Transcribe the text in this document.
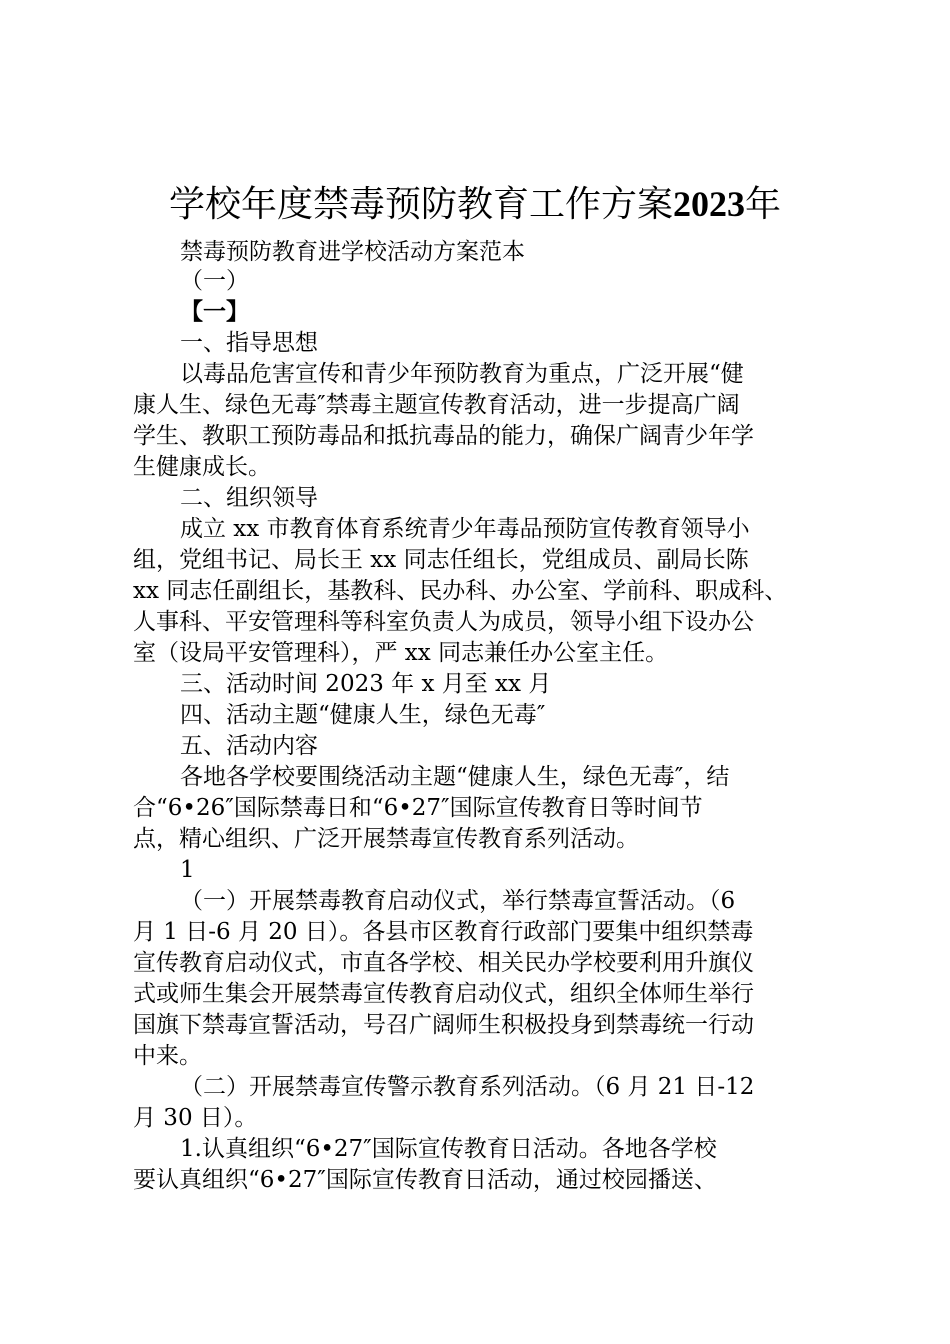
学校年度禁毒预防教育工作方案2023年
禁毒预防教育进学校活动方案范本
（一）
【一】
一、指导思想
以毒品危害宣传和青少年预防教育为重点，广泛开展“健
康人生、绿色无毒″禁毒主题宣传教育活动，进一步提高广阔
学生、教职工预防毒品和抵抗毒品的能力，确保广阔青少年学
生健康成长。
二、组织领导
成立 xx 市教育体育系统青少年毒品预防宣传教育领导小
组，党组书记、局长王 xx 同志任组长，党组成员、副局长陈
xx 同志任副组长，基教科、民办科、办公室、学前科、职成科、
人事科、平安管理科等科室负责人为成员，领导小组下设办公
室（设局平安管理科），严 xx 同志兼任办公室主任。
三、活动时间 2023 年 x 月至 xx 月
四、活动主题“健康人生，绿色无毒″
五、活动内容
各地各学校要围绕活动主题“健康人生，绿色无毒″，结
合“6•26″国际禁毒日和“6•27″国际宣传教育日等时间节
点，精心组织、广泛开展禁毒宣传教育系列活动。
1
（一）开展禁毒教育启动仪式，举行禁毒宣誓活动。（6
月 1 日-6 月 20 日）。各县市区教育行政部门要集中组织禁毒
宣传教育启动仪式，市直各学校、相关民办学校要利用升旗仪
式或师生集会开展禁毒宣传教育启动仪式，组织全体师生举行
国旗下禁毒宣誓活动，号召广阔师生积极投身到禁毒统一行动
中来。
（二）开展禁毒宣传警示教育系列活动。（6 月 21 日-12
月 30 日）。
1.认真组织“6•27″国际宣传教育日活动。各地各学校
要认真组织“6•27″国际宣传教育日活动，通过校园播送、
